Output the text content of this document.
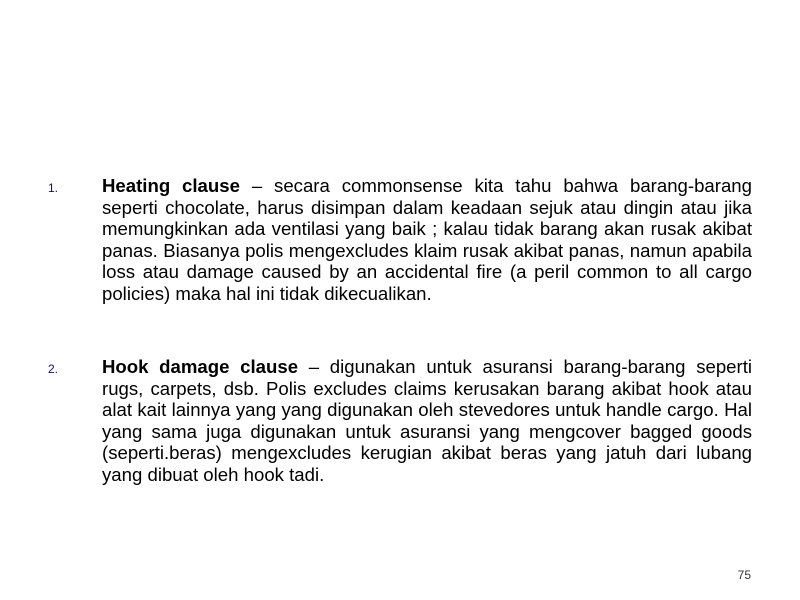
1. Heating clause – secara commonsense kita tahu bahwa barang-barang seperti chocolate, harus disimpan dalam keadaan sejuk atau dingin atau jika memungkinkan ada ventilasi yang baik ; kalau tidak barang akan rusak akibat panas. Biasanya polis mengexcludes klaim rusak akibat panas, namun apabila loss atau damage caused by an accidental fire (a peril common to all cargo policies) maka hal ini tidak dikecualikan.
2. Hook damage clause – digunakan untuk asuransi barang-barang seperti rugs, carpets, dsb. Polis excludes claims kerusakan barang akibat hook atau alat kait lainnya yang yang digunakan oleh stevedores untuk handle cargo. Hal yang sama juga digunakan untuk asuransi yang mengcover bagged goods (seperti.beras) mengexcludes kerugian akibat beras yang jatuh dari lubang yang dibuat oleh hook tadi.
75
